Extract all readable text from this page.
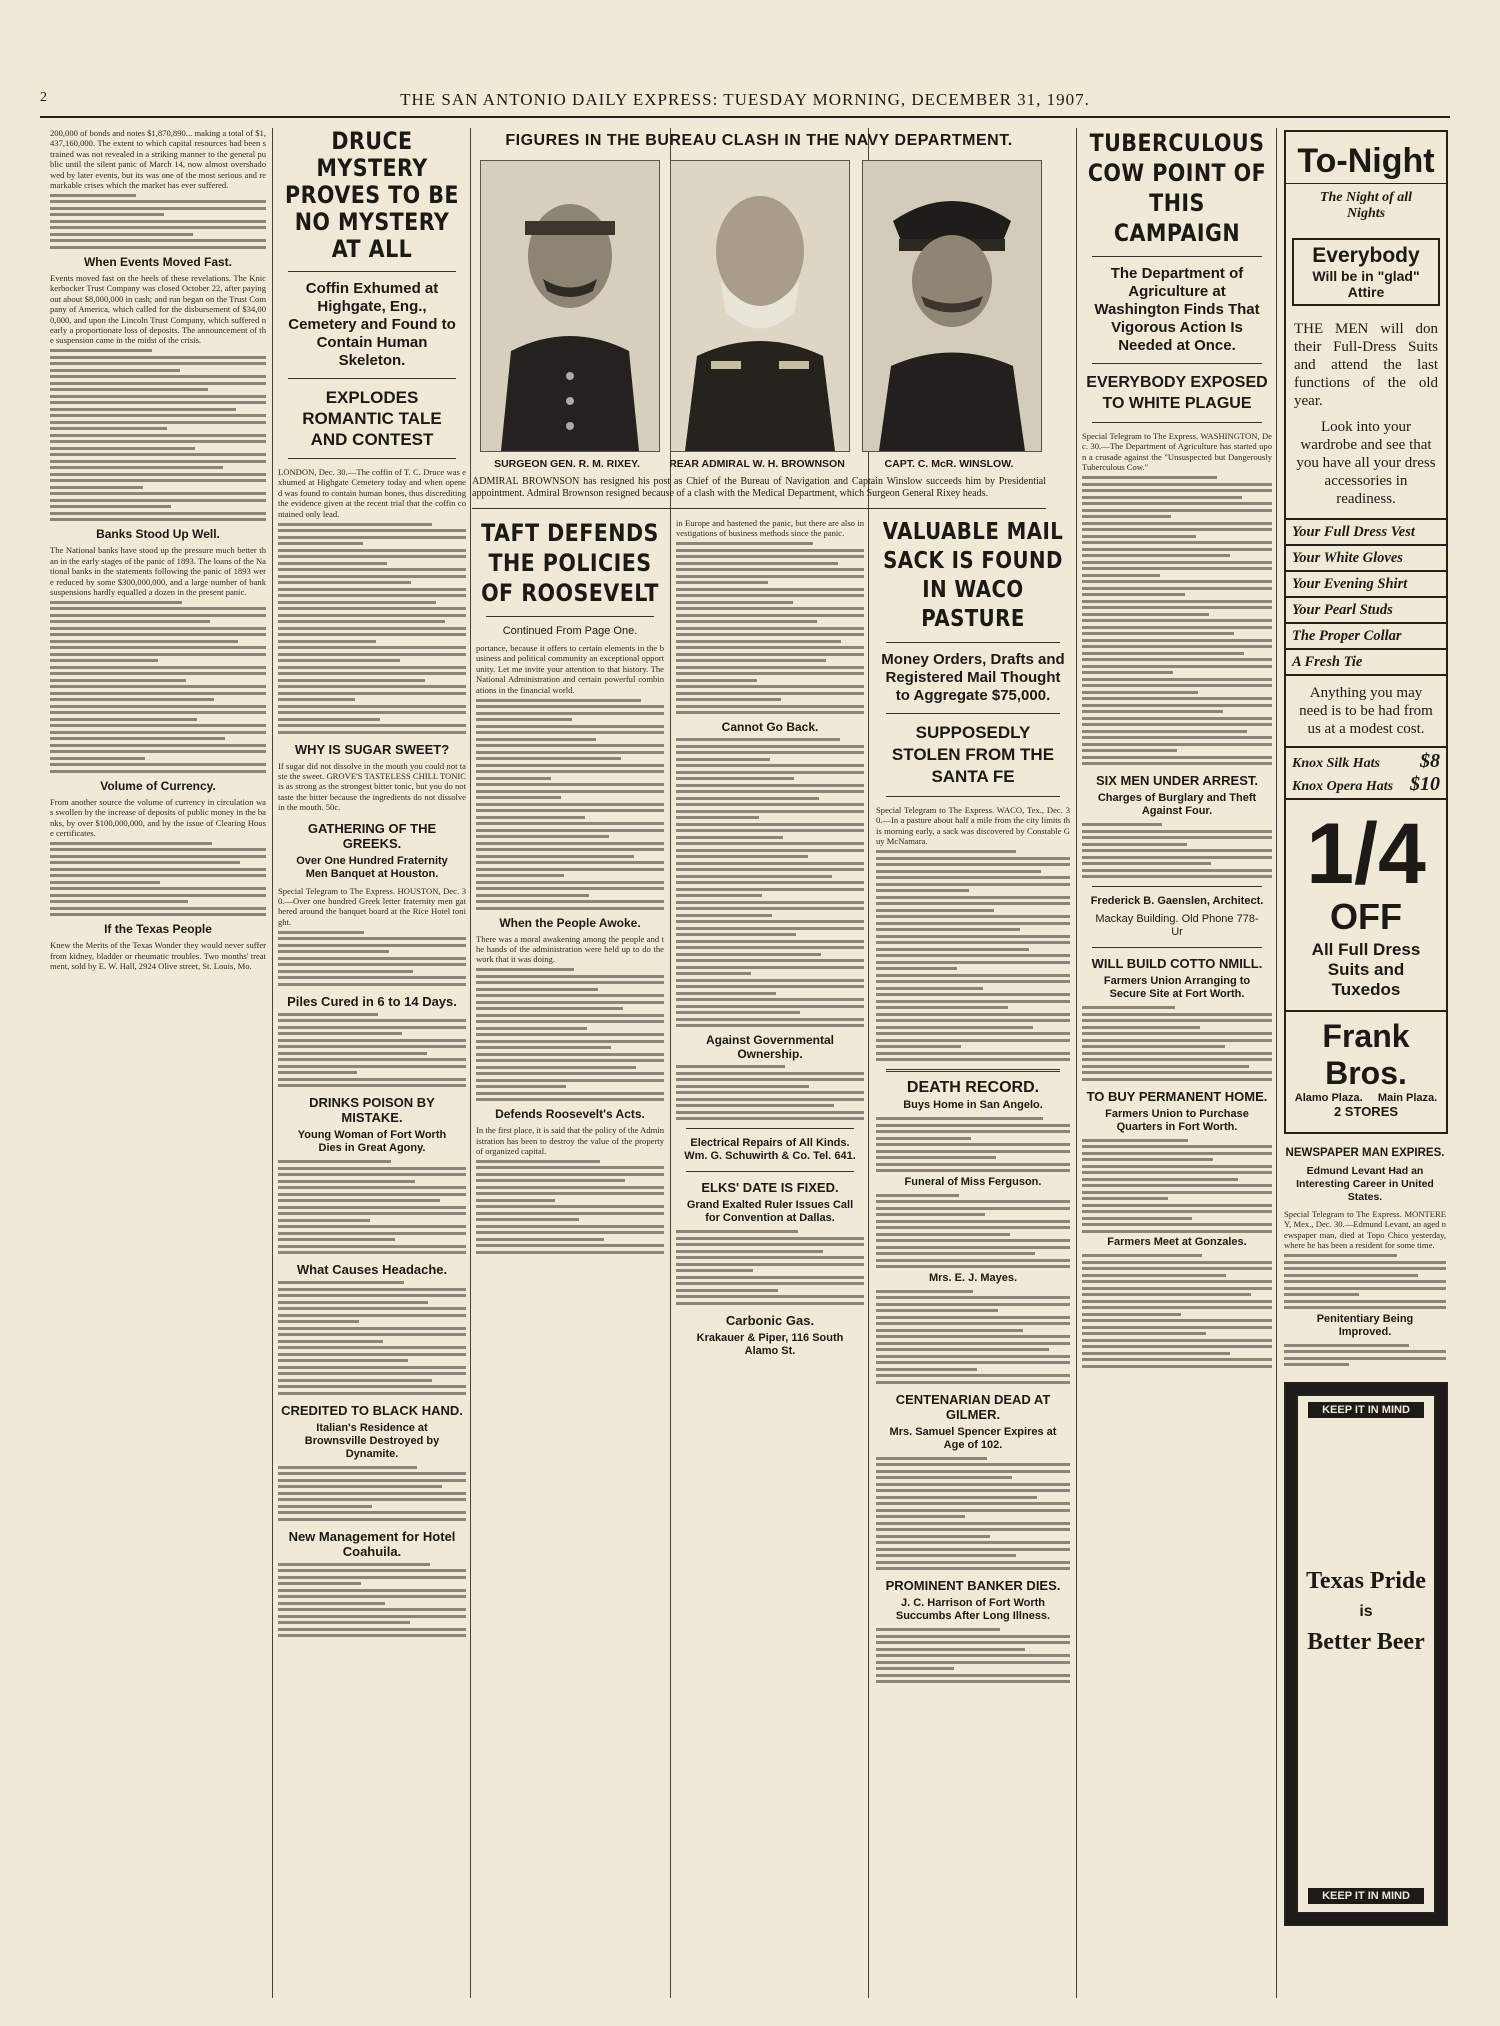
2	THE SAN ANTONIO DAILY EXPRESS: TUESDAY MORNING, DECEMBER 31, 1907.
200,000 of bonds and notes $1,870,890... making a total of $1,437,160,000. The extent to which capital resources had been strained was not revealed in a striking manner to the general public until the silent panic of March 14, now almost overshadowed by later events, but its was one of the most serious and remarkable crises which the market has ever suffered.
When Events Moved Fast.
Events moved fast on the heels of these revelations. The Knickerbocker Trust Company was closed October 22, after paying out about $8,000,000 in cash; and run began on the Trust Company of America, which called for the disbursement of $34,000,000, and upon the Lincoln Trust Company, which suffered nearly a proportionate loss of deposits. The announcement of the suspension came in the midst of the crisis.
Banks Stood Up Well.
The National banks have stood up the pressure much better than in the early stages of the panic of 1893. The loans of the National banks in the statements following the panic of 1893 were reduced by some $300,000,000, and a large number of bank suspensions hardly equalled a dozen in the present panic.
Volume of Currency.
From another source the volume of currency in circulation was swollen by the increase of deposits of public money in the banks, by over $100,000,000, and by the issue of Clearing House certificates.
If the Texas People
Knew the Merits of the Texas Wonder they would never suffer from kidney, bladder or rheumatic troubles. Two months' treatment, sold by E. W. Hall, 2924 Olive street, St. Louis, Mo.
DRUCE MYSTERY PROVES TO BE NO MYSTERY AT ALL
Coffin Exhumed at Highgate, Eng., Cemetery and Found to Contain Human Skeleton.
EXPLODES ROMANTIC TALE AND CONTEST
LONDON, Dec. 30.—The coffin of T. C. Druce was exhumed at Highgate Cemetery today and when opened was found to contain human bones, thus discrediting the evidence given at the recent trial that the coffin contained only lead.
WHY IS SUGAR SWEET?
If sugar did not dissolve in the mouth you could not taste the sweet. GROVE'S TASTELESS CHILL TONIC is as strong as the strongest bitter tonic, but you do not taste the bitter because the ingredients do not dissolve in the mouth. 50c.
GATHERING OF THE GREEKS.
Over One Hundred Fraternity Men Banquet at Houston.
Special Telegram to The Express. HOUSTON, Dec. 30.—Over one hundred Greek letter fraternity men gathered around the banquet board at the Rice Hotel tonight.
Piles Cured in 6 to 14 Days.
DRINKS POISON BY MISTAKE.
Young Woman of Fort Worth Dies in Great Agony.
What Causes Headache.
CREDITED TO BLACK HAND.
Italian's Residence at Brownsville Destroyed by Dynamite.
New Management for Hotel Coahuila.
FIGURES IN THE BUREAU CLASH IN THE NAVY DEPARTMENT.
SURGEON GEN. R. M. RIXEY.	REAR ADMIRAL W. H. BROWNSON	CAPT. C. McR. WINSLOW.
ADMIRAL BROWNSON has resigned his post as Chief of the Bureau of Navigation and Captain Winslow succeeds him by Presidential appointment. Admiral Brownson resigned because of a clash with the Medical Department, which Surgeon General Rixey heads.
TAFT DEFENDS THE POLICIES OF ROOSEVELT
Continued From Page One.
portance, because it offers to certain elements in the business and political community an exceptional opportunity. Let me invite your attention to that history. The National Administration and certain powerful combinations in the financial world.
When the People Awoke.
There was a moral awakening among the people and the hands of the administration were held up to do the work that it was doing.
Defends Roosevelt's Acts.
In the first place, it is said that the policy of the Administration has been to destroy the value of the property of organized capital.
in Europe and hastened the panic, but there are also investigations of business methods since the panic.
Cannot Go Back.
Against Governmental Ownership.
Electrical Repairs of All Kinds. Wm. G. Schuwirth & Co. Tel. 641.
ELKS' DATE IS FIXED.
Grand Exalted Ruler Issues Call for Convention at Dallas.
Carbonic Gas.
Krakauer & Piper, 116 South Alamo St.
VALUABLE MAIL SACK IS FOUND IN WACO PASTURE
Money Orders, Drafts and Registered Mail Thought to Aggregate $75,000.
SUPPOSEDLY STOLEN FROM THE SANTA FE
Special Telegram to The Express. WACO, Tex., Dec. 30.—In a pasture about half a mile from the city limits this morning early, a sack was discovered by Constable Guy McNamara.
DEATH RECORD.
Buys Home in San Angelo.
Funeral of Miss Ferguson.
Mrs. E. J. Mayes.
CENTENARIAN DEAD AT GILMER.
Mrs. Samuel Spencer Expires at Age of 102.
PROMINENT BANKER DIES.
J. C. Harrison of Fort Worth Succumbs After Long Illness.
TUBERCULOUS COW POINT OF THIS CAMPAIGN
The Department of Agriculture at Washington Finds That Vigorous Action Is Needed at Once.
EVERYBODY EXPOSED TO WHITE PLAGUE
Special Telegram to The Express. WASHINGTON, Dec. 30.—The Department of Agriculture has started upon a crusade against the "Unsuspected but Dangerously Tuberculous Cow."
SIX MEN UNDER ARREST.
Charges of Burglary and Theft Against Four.
Frederick B. Gaenslen, Architect.
Mackay Building. Old Phone 778-Ur
WILL BUILD COTTO NMILL.
Farmers Union Arranging to Secure Site at Fort Worth.
TO BUY PERMANENT HOME.
Farmers Union to Purchase Quarters in Fort Worth.
Farmers Meet at Gonzales.
To-Night
The Night of all Nights
Everybody
Will be in "glad" Attire
THE MEN will don their Full-Dress Suits and attend the last functions of the old year.
Look into your wardrobe and see that you have all your dress accessories in readiness.
Your Full Dress Vest
Your White Gloves
Your Evening Shirt
Your Pearl Studs
The Proper Collar
A Fresh Tie
Anything you may need is to be had from us at a modest cost.
Knox Silk Hats $8
Knox Opera Hats $10
1/4
OFF
All Full Dress Suits and Tuxedos
Frank Bros.
Alamo Plaza.     Main Plaza.
2 STORES
NEWSPAPER MAN EXPIRES.
Edmund Levant Had an Interesting Career in United States.
Special Telegram to The Express. MONTEREY, Mex., Dec. 30.—Edmund Levant, an aged newspaper man, died at Topo Chico yesterday, where he has been a resident for some time.
Penitentiary Being Improved.
KEEP IT IN MIND
Texas Pride
is
Better Beer
KEEP IT IN MIND
